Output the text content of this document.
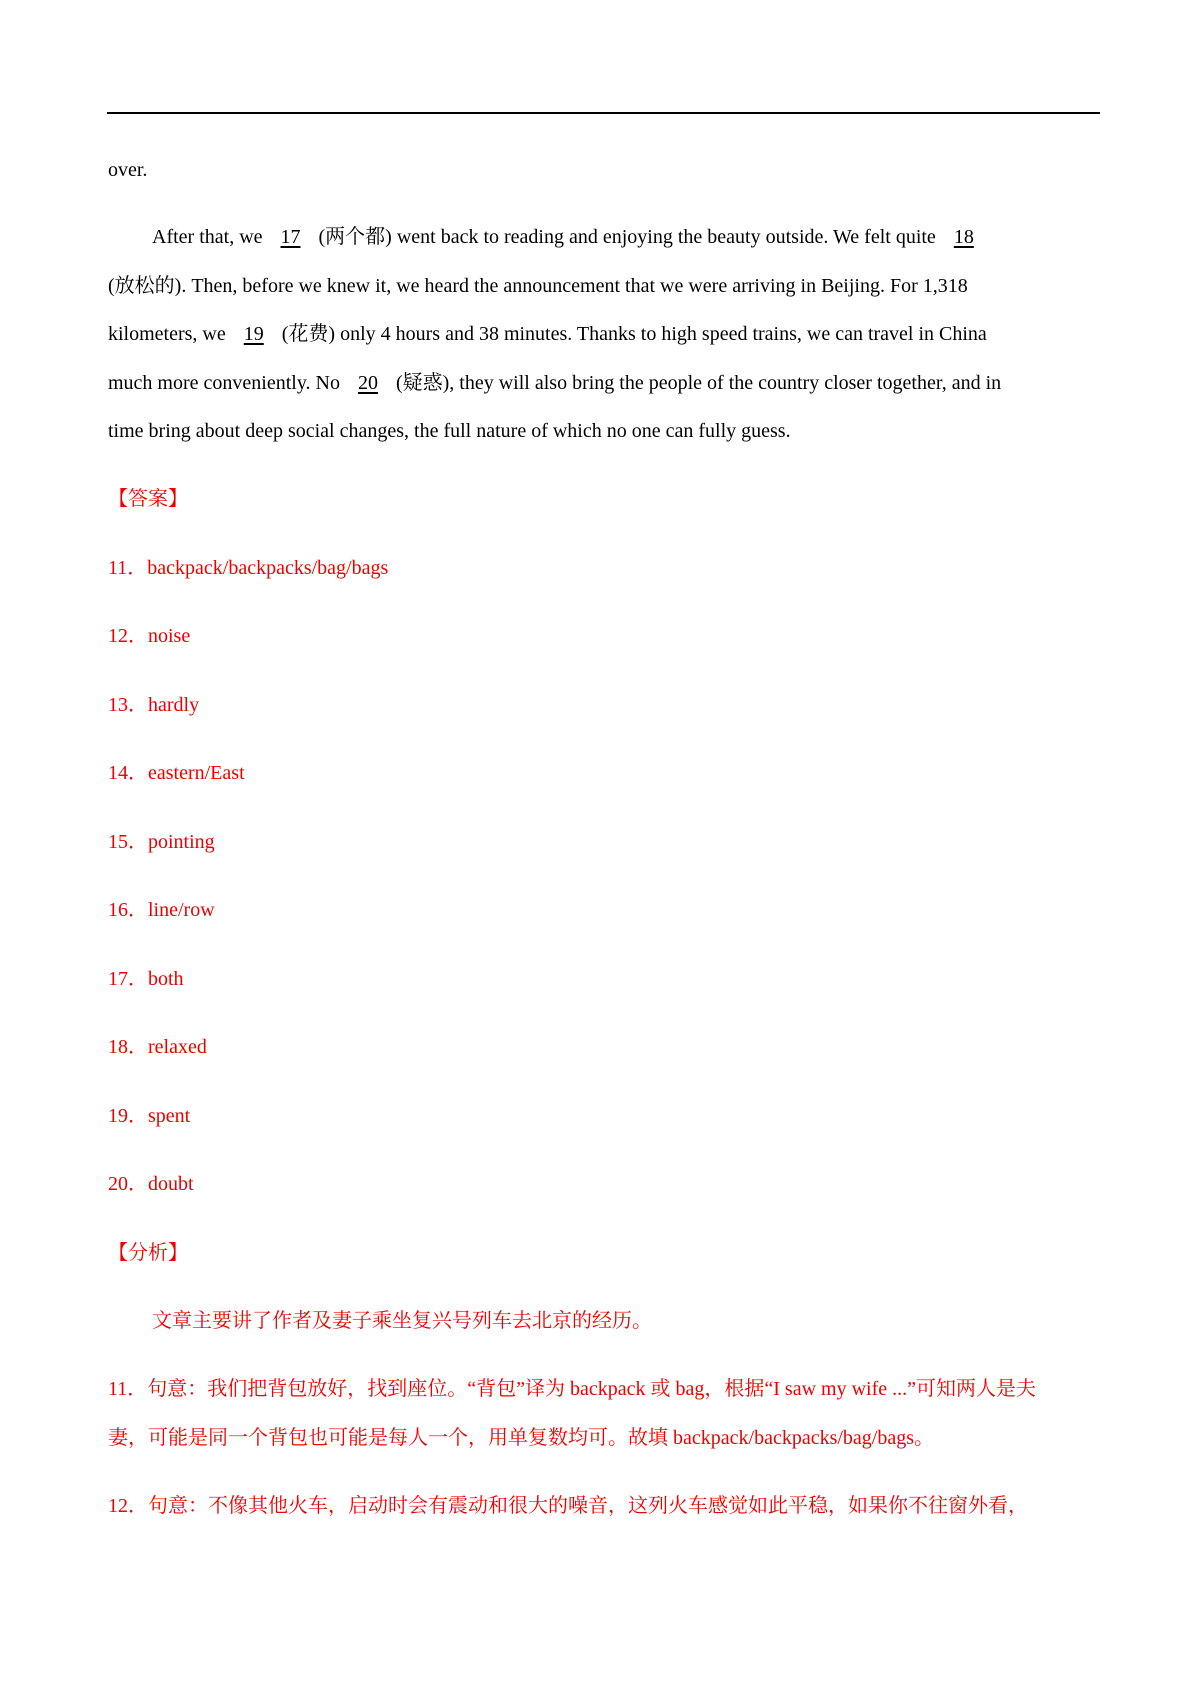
over.
After that, we 17 (两个都) went back to reading and enjoying the beauty outside. We felt quite 18
(放松的). Then, before we knew it, we heard the announcement that we were arriving in Beijing. For 1,318
kilometers, we 19 (花费) only 4 hours and 38 minutes. Thanks to high speed trains, we can travel in China
much more conveniently. No 20 (疑惑), they will also bring the people of the country closer together, and in
time bring about deep social changes, the full nature of which no one can fully guess.
【答案】
11．backpack/backpacks/bag/bags
12．noise
13．hardly
14．eastern/East
15．pointing
16．line/row
17．both
18．relaxed
19．spent
20．doubt
【分析】
文章主要讲了作者及妻子乘坐复兴号列车去北京的经历。
11．句意：我们把背包放好，找到座位。“背包”译为 backpack 或 bag，根据“I saw my wife ...”可知两人是夫
妻，可能是同一个背包也可能是每人一个，用单复数均可。故填 backpack/backpacks/bag/bags。
12．句意：不像其他火车，启动时会有震动和很大的噪音，这列火车感觉如此平稳，如果你不往窗外看，
